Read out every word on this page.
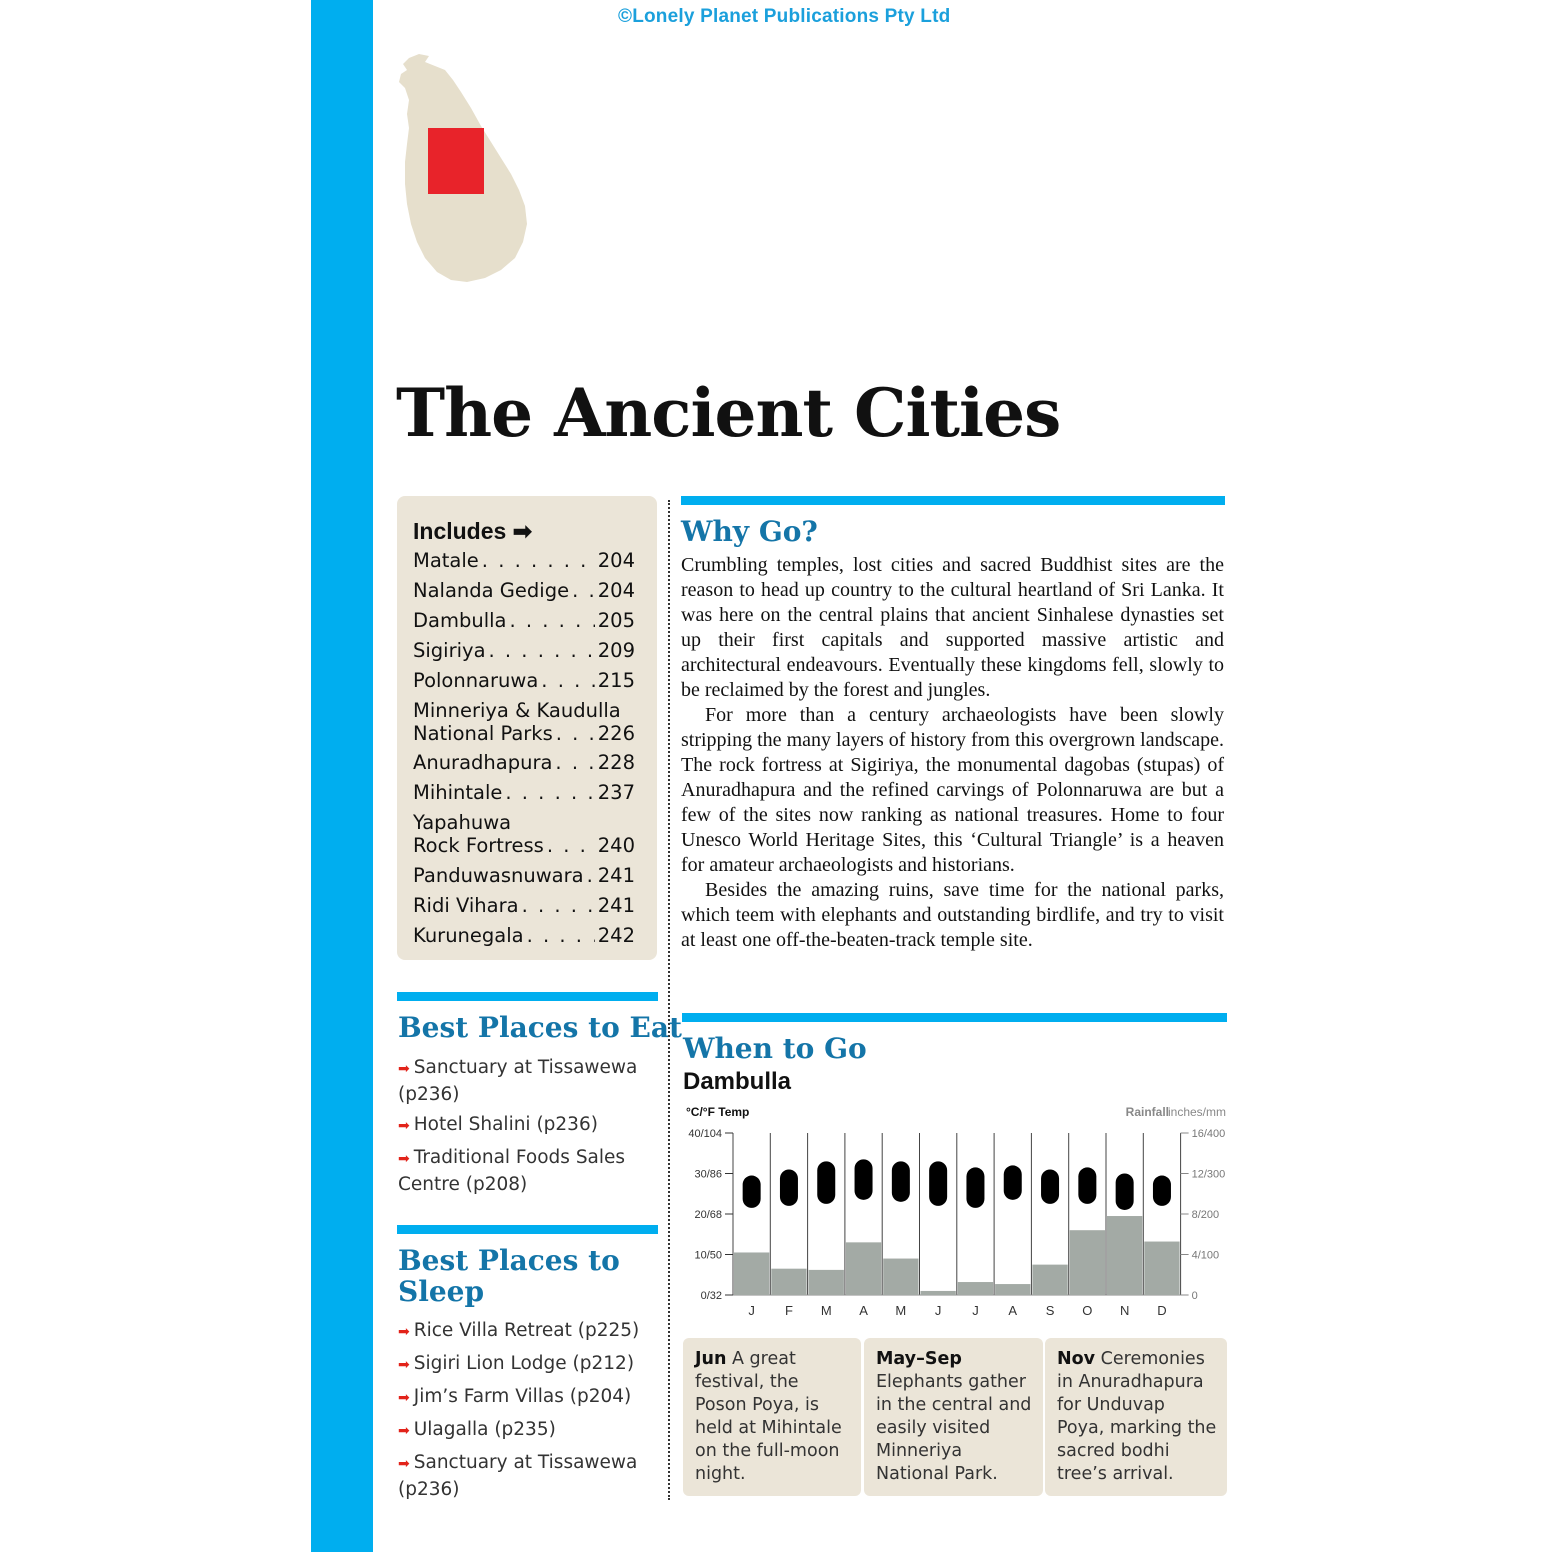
©Lonely Planet Publications Pty Ltd
The Ancient Cities
Includes ➡
Matale . . .	204
Nalanda Gedige . . . 204
Dambulla . . .	205
Sigiriya . . .	209
Polonnaruwa . . .	215
Minneriya & Kaudulla
National Parks . . . 226
Anuradhapura . . . 228
Mihintale . . .	237
Yapahuwa
Rock Fortress . . .	240
Panduwasnuwara . . . 241
Ridi Vihara . . .	241
Kurunegala . . .	242
Best Places to Eat
➡ Sanctuary at Tissawewa (p236)
➡ Hotel Shalini (p236)
➡ Traditional Foods Sales Centre (p208)
Best Places to
Sleep
➡ Rice Villa Retreat (p225)
➡ Sigiri Lion Lodge (p212)
➡ Jim’s Farm Villas (p204)
➡ Ulagalla (p235)
➡ Sanctuary at Tissawewa (p236)
Why Go?

Crumbling temples, lost cities and sacred Buddhist sites are the reason to head up country to the cultural heartland of Sri Lanka. It was here on the central plains that ancient Sinhalese dynasties set up their first capitals and supported massive artistic and architectural endeavours. Eventually these kingdoms fell, slowly to be reclaimed by the forest and jungles.

For more than a century archaeologists have been slowly stripping the many layers of history from this overgrown landscape. The rock fortress at Sigiriya, the monumental dagobas (stupas) of Anuradhapura and the refined carvings of Polonnaruwa are but a few of the sites now ranking as national treasures. Home to four Unesco World Heritage Sites, this ‘Cultural Triangle’ is a heaven for amateur archaeologists and historians.

Besides the amazing ruins, save time for the national parks, which teem with elephants and outstanding birdlife, and try to visit at least one off-the-beaten-track temple site.

When to Go
Dambulla
°C/°F Temp	Rainfall
inches/mm
40/104
30/86
20/68
10/50
0/32
16/400
12/300
8/200
4/100
0
J F M A M J J A S O N D
Jun A great festival, the Poson Poya, is held at Mihintale on the full-moon night.
May–Sep Elephants gather in the central and easily visited Minneriya National Park.
Nov Ceremonies in Anuradhapura for Unduvap Poya, marking the sacred bodhi tree’s arrival.
